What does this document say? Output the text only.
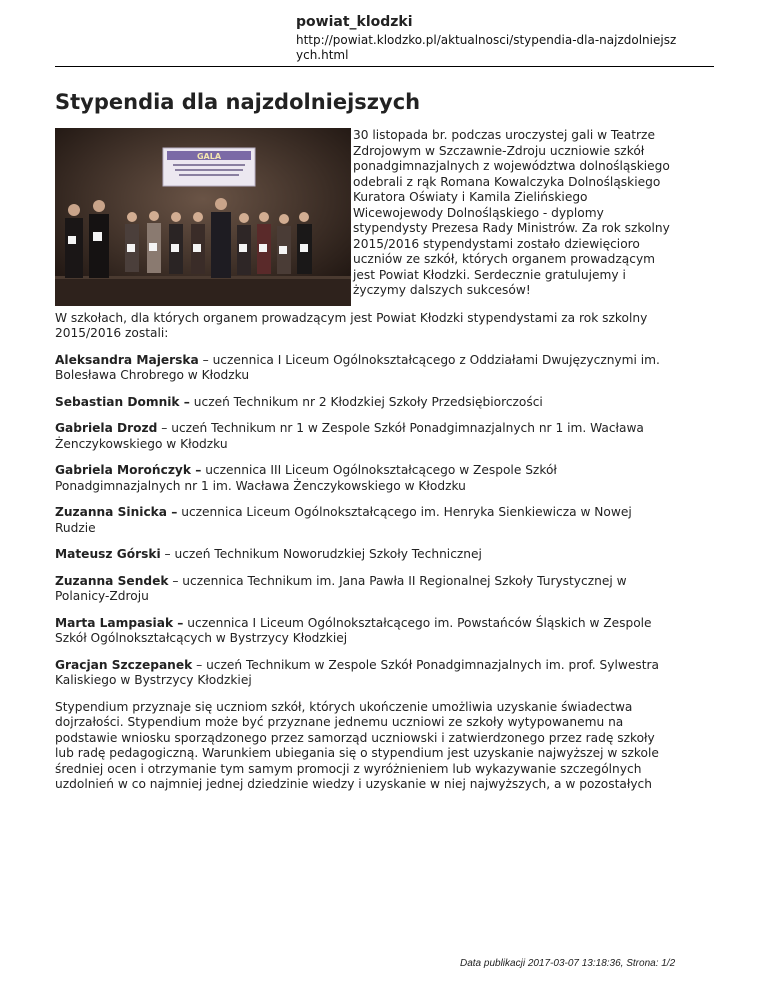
powiat_klodzki
http://powiat.klodzko.pl/aktualnosci/stypendia-dla-najzdolniejsz ych.html
Stypendia dla najzdolniejszych

GALA
30 listopada br. podczas uroczystej gali w Teatrze Zdrojowym w Szczawnie-Zdroju uczniowie szkół ponadgimnazjalnych z województwa dolnośląskiego odebrali z rąk Romana Kowalczyka Dolnośląskiego Kuratora Oświaty i Kamila Zielińskiego Wicewojewody Dolnośląskiego - dyplomy stypendysty Prezesa Rady Ministrów. Za rok szkolny 2015/2016 stypendystami zostało dziewięcioro uczniów ze szkół, których organem prowadzącym jest Powiat Kłodzki. Serdecznie gratulujemy i życzymy dalszych sukcesów!

W szkołach, dla których organem prowadzącym jest Powiat Kłodzki stypendystami za rok szkolny 2015/2016 zostali:

Aleksandra Majerska – uczennica I Liceum Ogólnokształcącego z Oddziałami Dwujęzycznymi im. Bolesława Chrobrego w Kłodzku

Sebastian Domnik – uczeń Technikum nr 2 Kłodzkiej Szkoły Przedsiębiorczości

Gabriela Drozd – uczeń Technikum nr 1 w Zespole Szkół Ponadgimnazjalnych nr 1 im. Wacława Żenczykowskiego w Kłodzku

Gabriela Morończyk – uczennica III Liceum Ogólnokształcącego w Zespole Szkół Ponadgimnazjalnych nr 1 im. Wacława Żenczykowskiego w Kłodzku

Zuzanna Sinicka – uczennica Liceum Ogólnokształcącego im. Henryka Sienkiewicza w Nowej Rudzie

Mateusz Górski – uczeń Technikum Noworudzkiej Szkoły Technicznej

Zuzanna Sendek – uczennica Technikum im. Jana Pawła II Regionalnej Szkoły Turystycznej w Polanicy-Zdroju

Marta Lampasiak – uczennica I Liceum Ogólnokształcącego im. Powstańców Śląskich w Zespole Szkół Ogólnokształcących w Bystrzycy Kłodzkiej

Gracjan Szczepanek – uczeń Technikum w Zespole Szkół Ponadgimnazjalnych im. prof. Sylwestra Kaliskiego w Bystrzycy Kłodzkiej

Stypendium przyznaje się uczniom szkół, których ukończenie umożliwia uzyskanie świadectwa dojrzałości. Stypendium może być przyznane jednemu uczniowi ze szkoły wytypowanemu na podstawie wniosku sporządzonego przez samorząd uczniowski i zatwierdzonego przez radę szkoły lub radę pedagogiczną. Warunkiem ubiegania się o stypendium jest uzyskanie najwyższej w szkole średniej ocen i otrzymanie tym samym promocji z wyróżnieniem lub wykazywanie szczególnych uzdolnień w co najmniej jednej dziedzinie wiedzy i uzyskanie w niej najwyższych, a w pozostałych

Data publikacji 2017-03-07 13:18:36, Strona: 1/2
